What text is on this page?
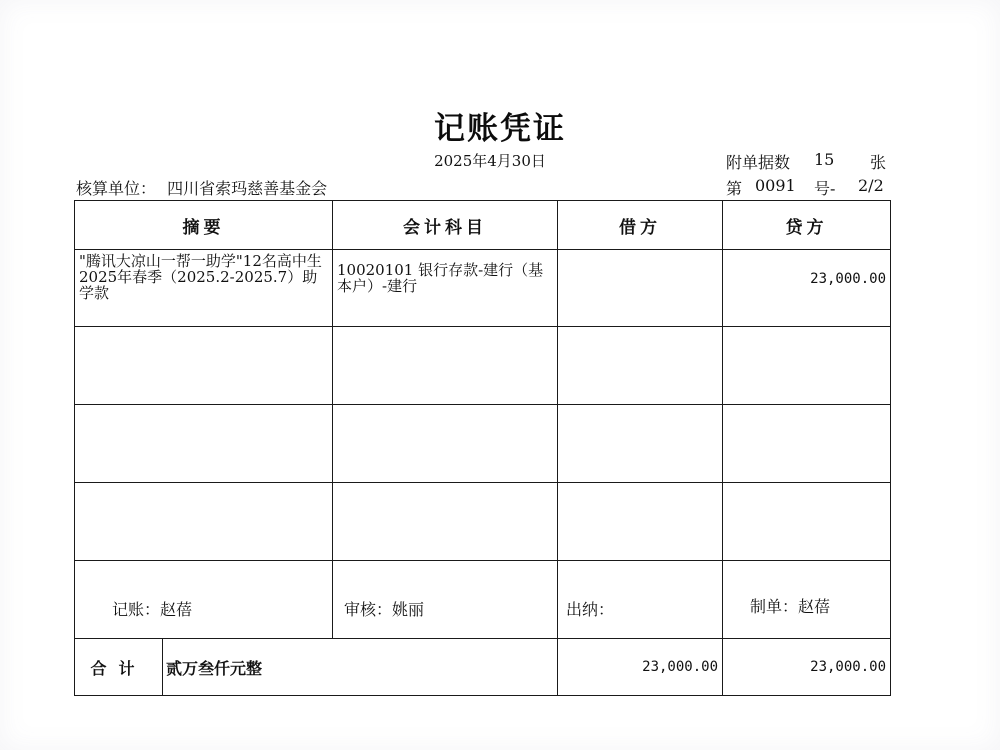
记账凭证
2025年4月30日	附单据数 15 张
核算单位： 四川省索玛慈善基金会	第 0091 号- 2/2
摘要		会计科目	借方	贷方
"腾讯大凉山一帮一助学"12名高中生2025年春季（2025.2-2025.7）助学款		10020101 银行存款-建行（基本户）-建行		23,000.00

合计	贰万叁仟元整		23,000.00	23,000.00
记账：赵蓓	审核：姚丽	出纳：	制单：赵蓓
